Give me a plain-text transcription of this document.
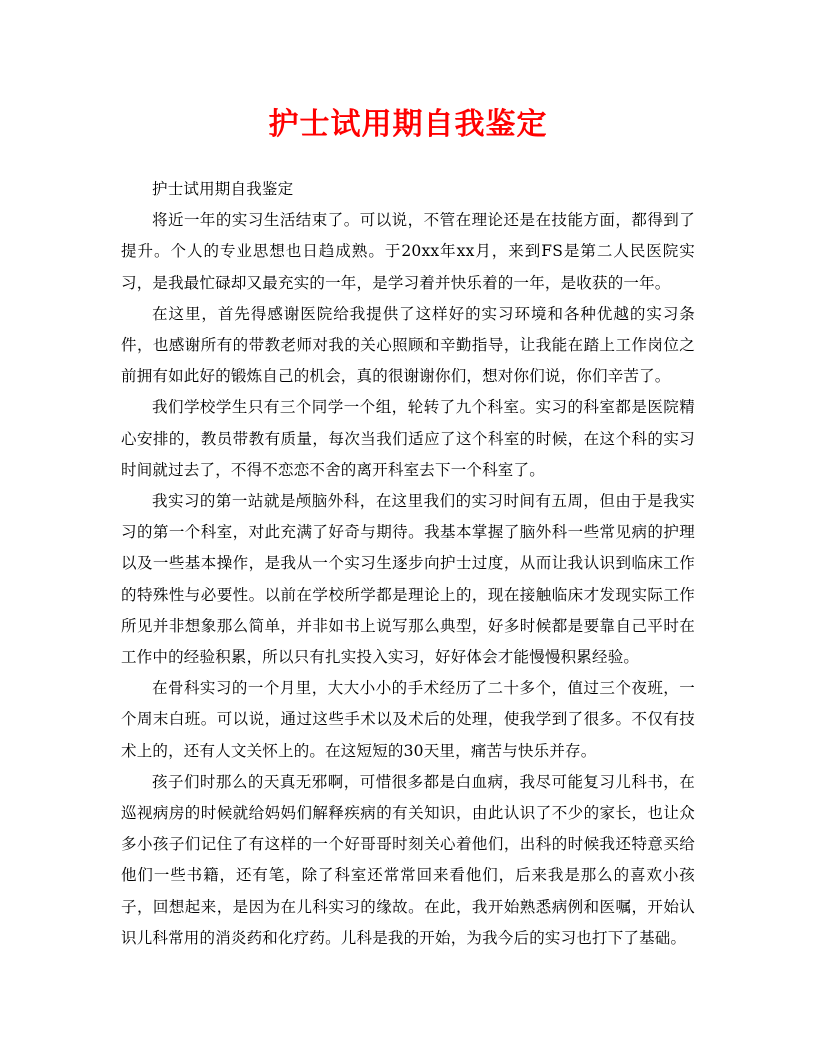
护士试用期自我鉴定

护士试用期自我鉴定

将近一年的实习生活结束了。可以说，不管在理论还是在技能方面，都得到了提升。个人的专业思想也日趋成熟。于20xx年xx月，来到FS是第二人民医院实习，是我最忙碌却又最充实的一年，是学习着并快乐着的一年，是收获的一年。

在这里，首先得感谢医院给我提供了这样好的实习环境和各种优越的实习条件，也感谢所有的带教老师对我的关心照顾和辛勤指导，让我能在踏上工作岗位之前拥有如此好的锻炼自己的机会，真的很谢谢你们，想对你们说，你们辛苦了。

我们学校学生只有三个同学一个组，轮转了九个科室。实习的科室都是医院精心安排的，教员带教有质量，每次当我们适应了这个科室的时候，在这个科的实习时间就过去了，不得不恋恋不舍的离开科室去下一个科室了。

我实习的第一站就是颅脑外科，在这里我们的实习时间有五周，但由于是我实习的第一个科室，对此充满了好奇与期待。我基本掌握了脑外科一些常见病的护理以及一些基本操作，是我从一个实习生逐步向护士过度，从而让我认识到临床工作的特殊性与必要性。以前在学校所学都是理论上的，现在接触临床才发现实际工作所见并非想象那么简单，并非如书上说写那么典型，好多时候都是要靠自己平时在工作中的经验积累，所以只有扎实投入实习，好好体会才能慢慢积累经验。

在骨科实习的一个月里，大大小小的手术经历了二十多个，值过三个夜班，一个周末白班。可以说，通过这些手术以及术后的处理，使我学到了很多。不仅有技术上的，还有人文关怀上的。在这短短的30天里，痛苦与快乐并存。

孩子们时那么的天真无邪啊，可惜很多都是白血病，我尽可能复习儿科书，在巡视病房的时候就给妈妈们解释疾病的有关知识，由此认识了不少的家长，也让众多小孩子们记住了有这样的一个好哥哥时刻关心着他们，出科的时候我还特意买给他们一些书籍，还有笔，除了科室还常常回来看他们，后来我是那么的喜欢小孩子，回想起来，是因为在儿科实习的缘故。在此，我开始熟悉病例和医嘱，开始认识儿科常用的消炎药和化疗药。儿科是我的开始，为我今后的实习也打下了基础。
